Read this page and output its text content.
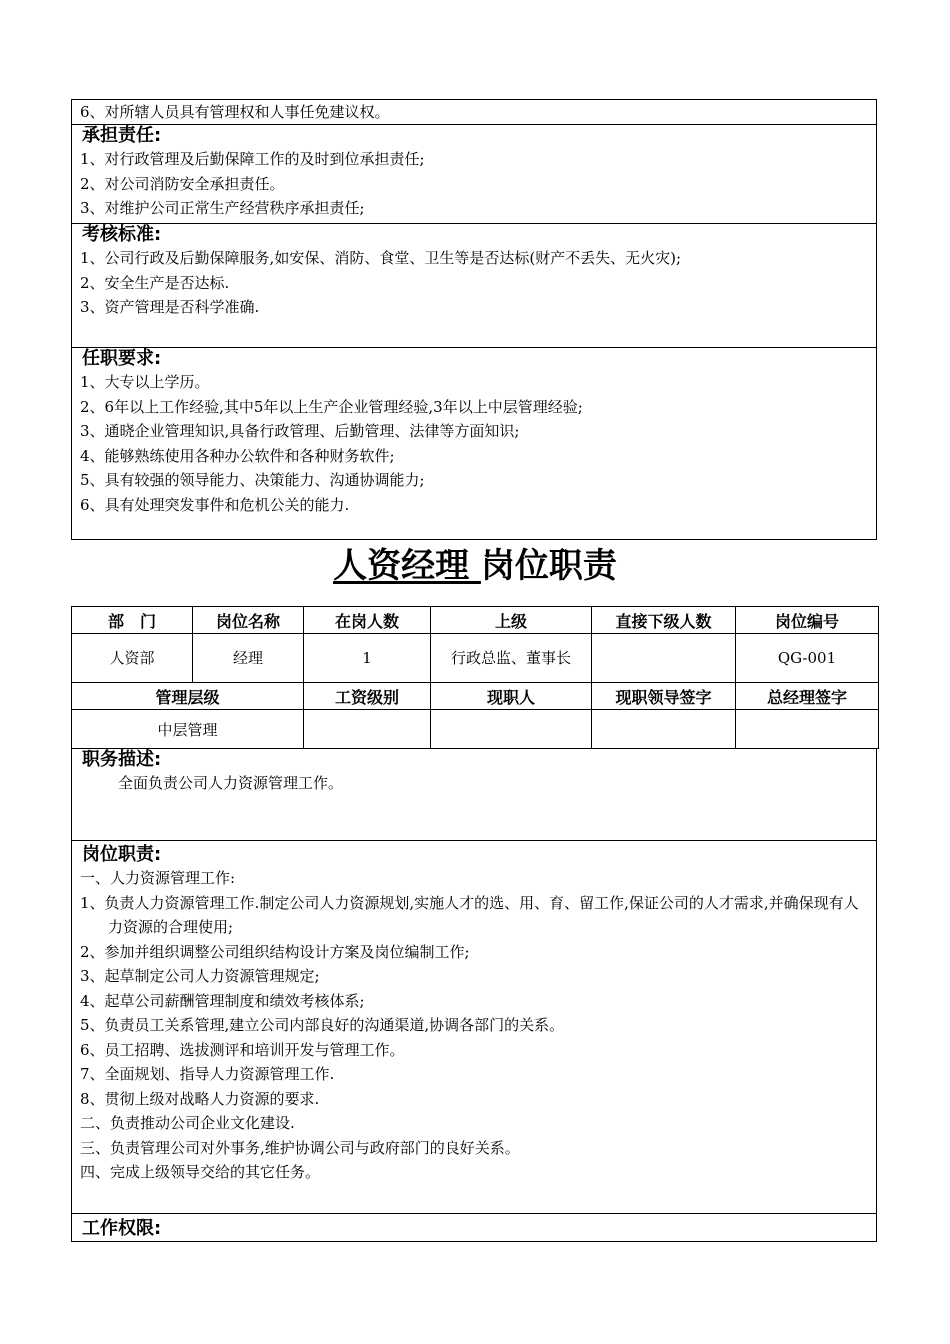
6、对所辖人员具有管理权和人事任免建议权。
承担责任:
1、对行政管理及后勤保障工作的及时到位承担责任;
2、对公司消防安全承担责任。
3、对维护公司正常生产经营秩序承担责任;
考核标准:
1、公司行政及后勤保障服务,如安保、消防、食堂、卫生等是否达标(财产不丢失、无火灾);
2、安全生产是否达标.
3、资产管理是否科学准确.
任职要求:
1、大专以上学历。
2、6年以上工作经验,其中5年以上生产企业管理经验,3年以上中层管理经验;
3、通晓企业管理知识,具备行政管理、后勤管理、法律等方面知识;
4、能够熟练使用各种办公软件和各种财务软件;
5、具有较强的领导能力、决策能力、沟通协调能力;
6、具有处理突发事件和危机公关的能力.
人资经理 岗位职责
部　门	岗位名称	在岗人数	上级	直接下级人数	岗位编号
人资部	经理	1	行政总监、董事长		QG-001
管理层级		工资级别	现职人	现职领导签字	总经理签字
中层管理					
职务描述:
全面负责公司人力资源管理工作。
岗位职责:
一、人力资源管理工作:
1、负责人力资源管理工作.制定公司人力资源规划,实施人才的选、用、育、留工作,保证公司的人才需求,并确保现有人力资源的合理使用;
2、参加并组织调整公司组织结构设计方案及岗位编制工作;
3、起草制定公司人力资源管理规定;
4、起草公司薪酬管理制度和绩效考核体系;
5、负责员工关系管理,建立公司内部良好的沟通渠道,协调各部门的关系。
6、员工招聘、选拔测评和培训开发与管理工作。
7、全面规划、指导人力资源管理工作.
8、贯彻上级对战略人力资源的要求.
二、负责推动公司企业文化建设.
三、负责管理公司对外事务,维护协调公司与政府部门的良好关系。
四、完成上级领导交给的其它任务。
工作权限:
